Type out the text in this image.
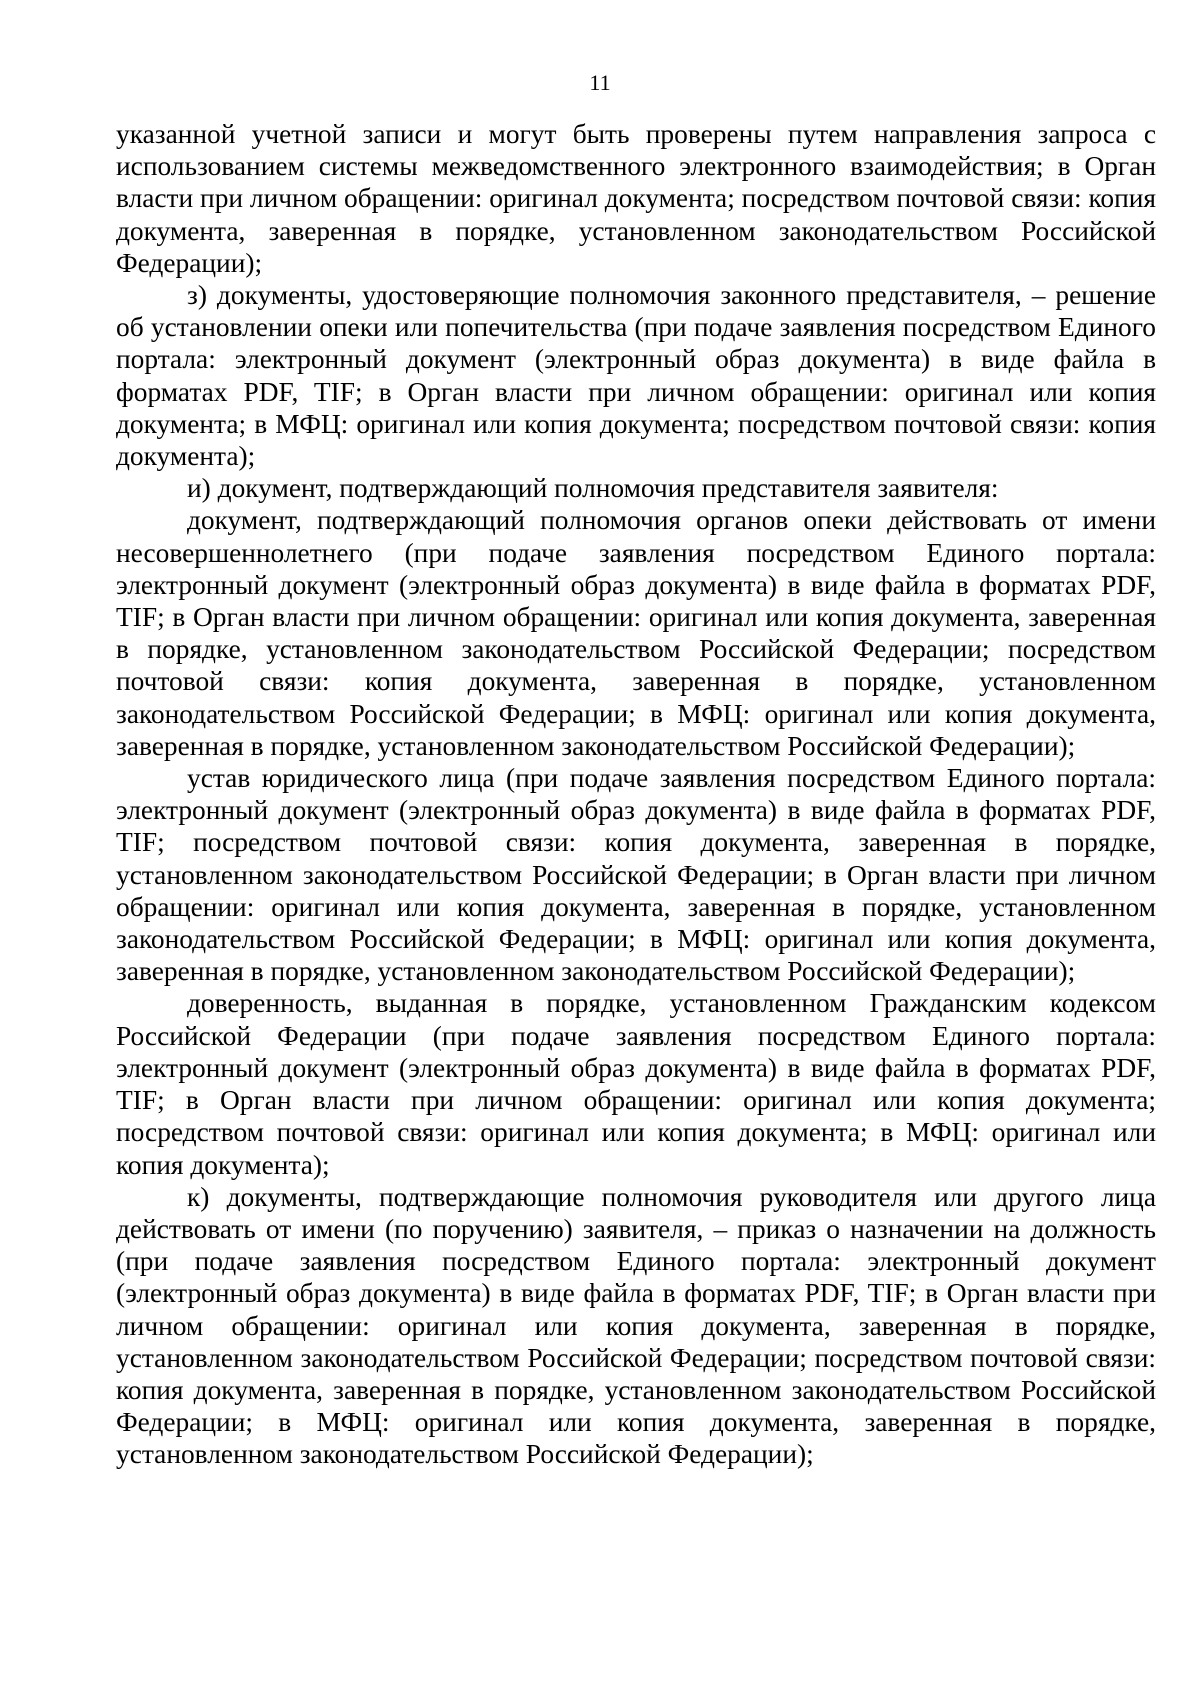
11

указанной учетной записи и могут быть проверены путем направления запроса с использованием системы межведомственного электронного взаимодействия; в Орган власти при личном обращении: оригинал документа; посредством почтовой связи: копия документа, заверенная в порядке, установленном законодательством Российской Федерации);

з) документы, удостоверяющие полномочия законного представителя, – решение об установлении опеки или попечительства (при подаче заявления посредством Единого портала: электронный документ (электронный образ документа) в виде файла в форматах PDF, TIF; в Орган власти при личном обращении: оригинал или копия документа; в МФЦ: оригинал или копия документа; посредством почтовой связи: копия документа);

и) документ, подтверждающий полномочия представителя заявителя:

документ, подтверждающий полномочия органов опеки действовать от имени несовершеннолетнего (при подаче заявления посредством Единого портала: электронный документ (электронный образ документа) в виде файла в форматах PDF, TIF; в Орган власти при личном обращении: оригинал или копия документа, заверенная в порядке, установленном законодательством Российской Федерации; посредством почтовой связи: копия документа, заверенная в порядке, установленном законодательством Российской Федерации; в МФЦ: оригинал или копия документа, заверенная в порядке, установленном законодательством Российской Федерации);

устав юридического лица (при подаче заявления посредством Единого портала: электронный документ (электронный образ документа) в виде файла в форматах PDF, TIF; посредством почтовой связи: копия документа, заверенная в порядке, установленном законодательством Российской Федерации; в Орган власти при личном обращении: оригинал или копия документа, заверенная в порядке, установленном законодательством Российской Федерации; в МФЦ: оригинал или копия документа, заверенная в порядке, установленном законодательством Российской Федерации);

доверенность, выданная в порядке, установленном Гражданским кодексом Российской Федерации (при подаче заявления посредством Единого портала: электронный документ (электронный образ документа) в виде файла в форматах PDF, TIF; в Орган власти при личном обращении: оригинал или копия документа; посредством почтовой связи: оригинал или копия документа; в МФЦ: оригинал или копия документа);

к) документы, подтверждающие полномочия руководителя или другого лица действовать от имени (по поручению) заявителя, – приказ о назначении на должность (при подаче заявления посредством Единого портала: электронный документ (электронный образ документа) в виде файла в форматах PDF, TIF; в Орган власти при личном обращении: оригинал или копия документа, заверенная в порядке, установленном законодательством Российской Федерации; посредством почтовой связи: копия документа, заверенная в порядке, установленном законодательством Российской Федерации; в МФЦ: оригинал или копия документа, заверенная в порядке, установленном законодательством Российской Федерации);
